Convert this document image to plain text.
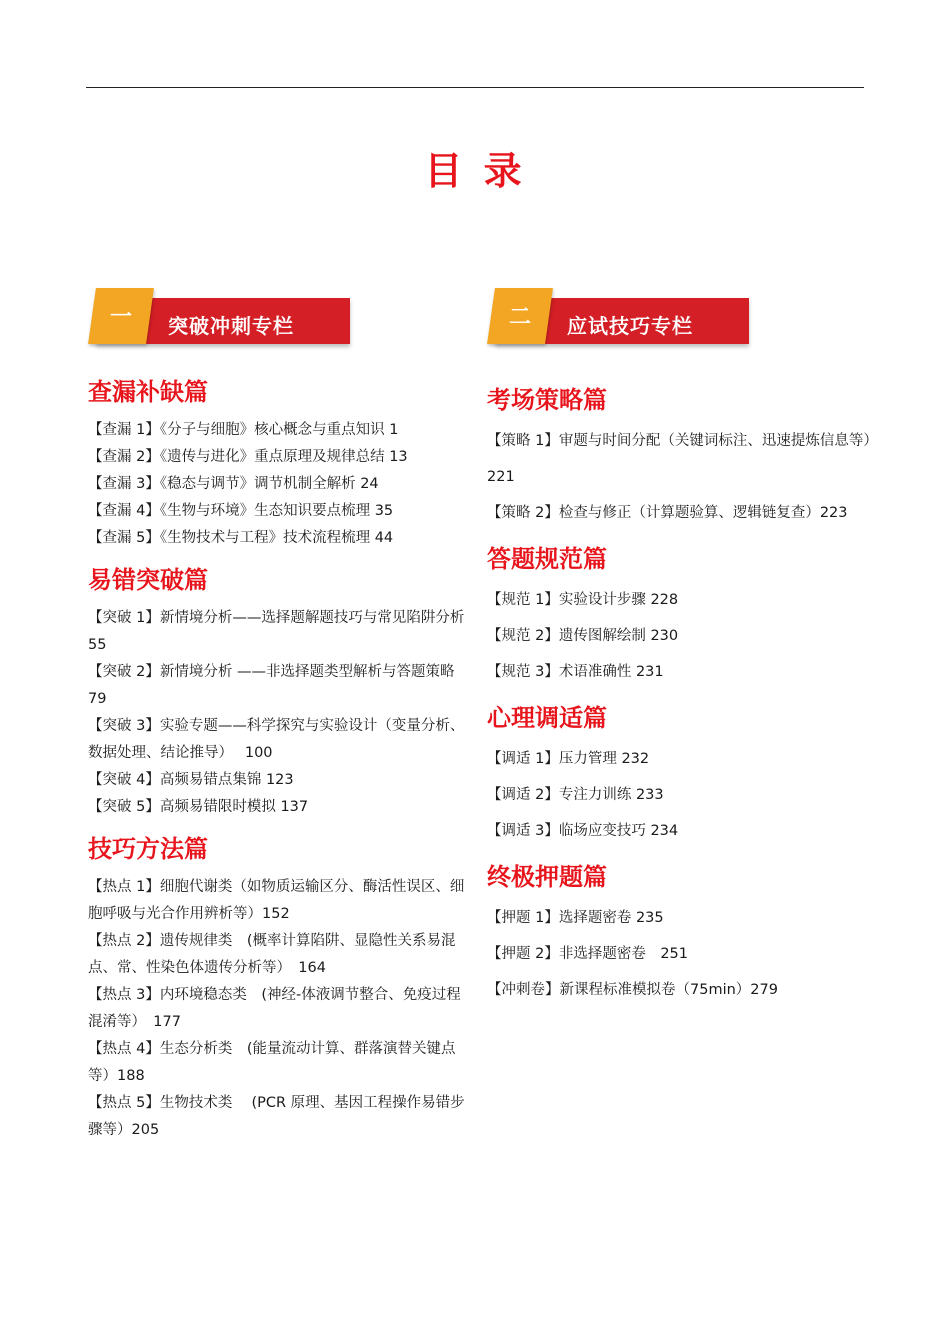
目 录
一	突破冲刺专栏
查漏补缺篇

【查漏 1】《分子与细胞》核心概念与重点知识 1

【查漏 2】《遗传与进化》重点原理及规律总结 13

【查漏 3】《稳态与调节》调节机制全解析 24

【查漏 4】《生物与环境》生态知识要点梳理 35

【查漏 5】《生物技术与工程》技术流程梳理 44

易错突破篇

【突破 1】新情境分析——选择题解题技巧与常见陷阱分析 55

【突破 2】新情境分析 ——非选择题类型解析与答题策略 79

【突破 3】实验专题——科学探究与实验设计（变量分析、数据处理、结论推导）　 100

【突破 4】高频易错点集锦 123

【突破 5】高频易错限时模拟 137

技巧方法篇

【热点 1】细胞代谢类（如物质运输区分、酶活性误区、细胞呼吸与光合作用辨析等）152

【热点 2】遗传规律类　(概率计算陷阱、显隐性关系易混点、常、性染色体遗传分析等）　164

【热点 3】内环境稳态类　(神经-体液调节整合、免疫过程混淆等）　177

【热点 4】生态分析类　(能量流动计算、群落演替关键点等）188

【热点 5】生物技术类　 (PCR 原理、基因工程操作易错步骤等）205

二	应试技巧专栏
考场策略篇

【策略 1】审题与时间分配（关键词标注、迅速提炼信息等）221

【策略 2】检查与修正（计算题验算、逻辑链复查）223

答题规范篇

【规范 1】实验设计步骤 228

【规范 2】遗传图解绘制 230

【规范 3】术语准确性 231

心理调适篇

【调适 1】压力管理 232

【调适 2】专注力训练 233

【调适 3】临场应变技巧 234

终极押题篇

【押题 1】选择题密卷 235

【押题 2】非选择题密卷　251

【冲刺卷】新课程标准模拟卷（75min）279
